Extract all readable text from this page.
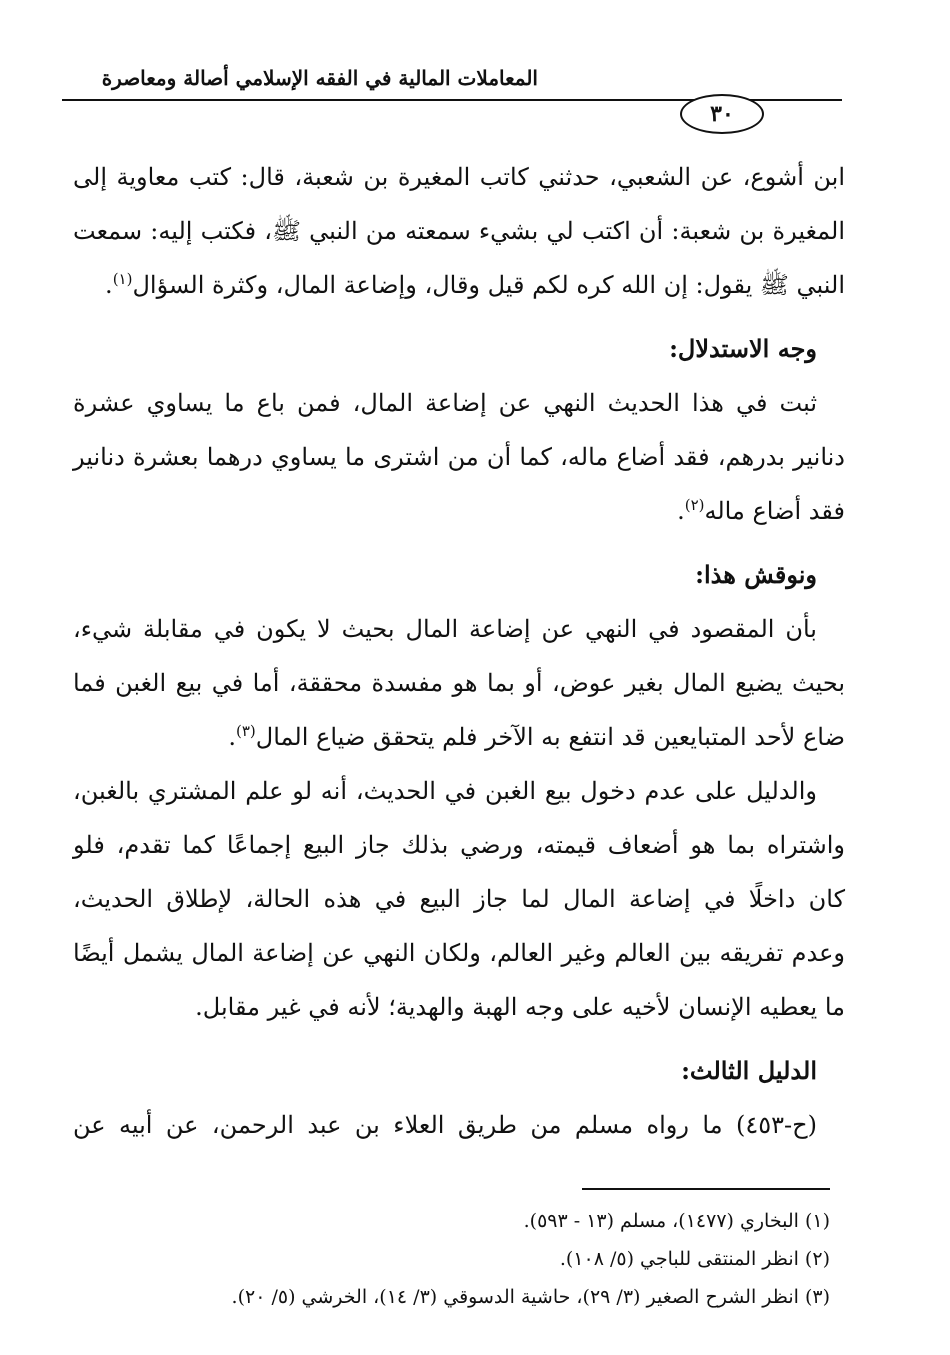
المعاملات المالية في الفقه الإسلامي أصالة ومعاصرة
٣٠
ابن أشوع، عن الشعبي، حدثني كاتب المغيرة بن شعبة، قال: كتب معاوية إلى
المغيرة بن شعبة: أن اكتب لي بشيء سمعته من النبي ﷺ، فكتب إليه: سمعت
النبي ﷺ يقول: إن الله كره لكم قيل وقال، وإضاعة المال، وكثرة السؤال$^{(١)}$.
وجه الاستدلال:
ثبت في هذا الحديث النهي عن إضاعة المال، فمن باع ما يساوي عشرة
دنانير بدرهم، فقد أضاع ماله، كما أن من اشترى ما يساوي درهما بعشرة دنانير
فقد أضاع ماله$^{(٢)}$.
ونوقش هذا:
بأن المقصود في النهي عن إضاعة المال بحيث لا يكون في مقابلة شيء،
بحيث يضيع المال بغير عوض، أو بما هو مفسدة محققة، أما في بيع الغبن فما
ضاع لأحد المتبايعين قد انتفع به الآخر فلم يتحقق ضياع المال$^{(٣)}$.
والدليل على عدم دخول بيع الغبن في الحديث، أنه لو علم المشتري بالغبن،
واشتراه بما هو أضعاف قيمته، ورضي بذلك جاز البيع إجماعًا كما تقدم، فلو
كان داخلًا في إضاعة المال لما جاز البيع في هذه الحالة، لإطلاق الحديث،
وعدم تفريقه بين العالم وغير العالم، ولكان النهي عن إضاعة المال يشمل أيضًا
ما يعطيه الإنسان لأخيه على وجه الهبة والهدية؛ لأنه في غير مقابل.
الدليل الثالث:
(ح-٤٥٣) ما رواه مسلم من طريق العلاء بن عبد الرحمن، عن أبيه عن
(١) البخاري (١٤٧٧)، مسلم (١٣ - ٥٩٣).
(٢) انظر المنتقى للباجي (٥/ ١٠٨).
(٣) انظر الشرح الصغير (٣/ ٢٩)، حاشية الدسوقي (٣/ ١٤)، الخرشي (٥/ ٢٠).
